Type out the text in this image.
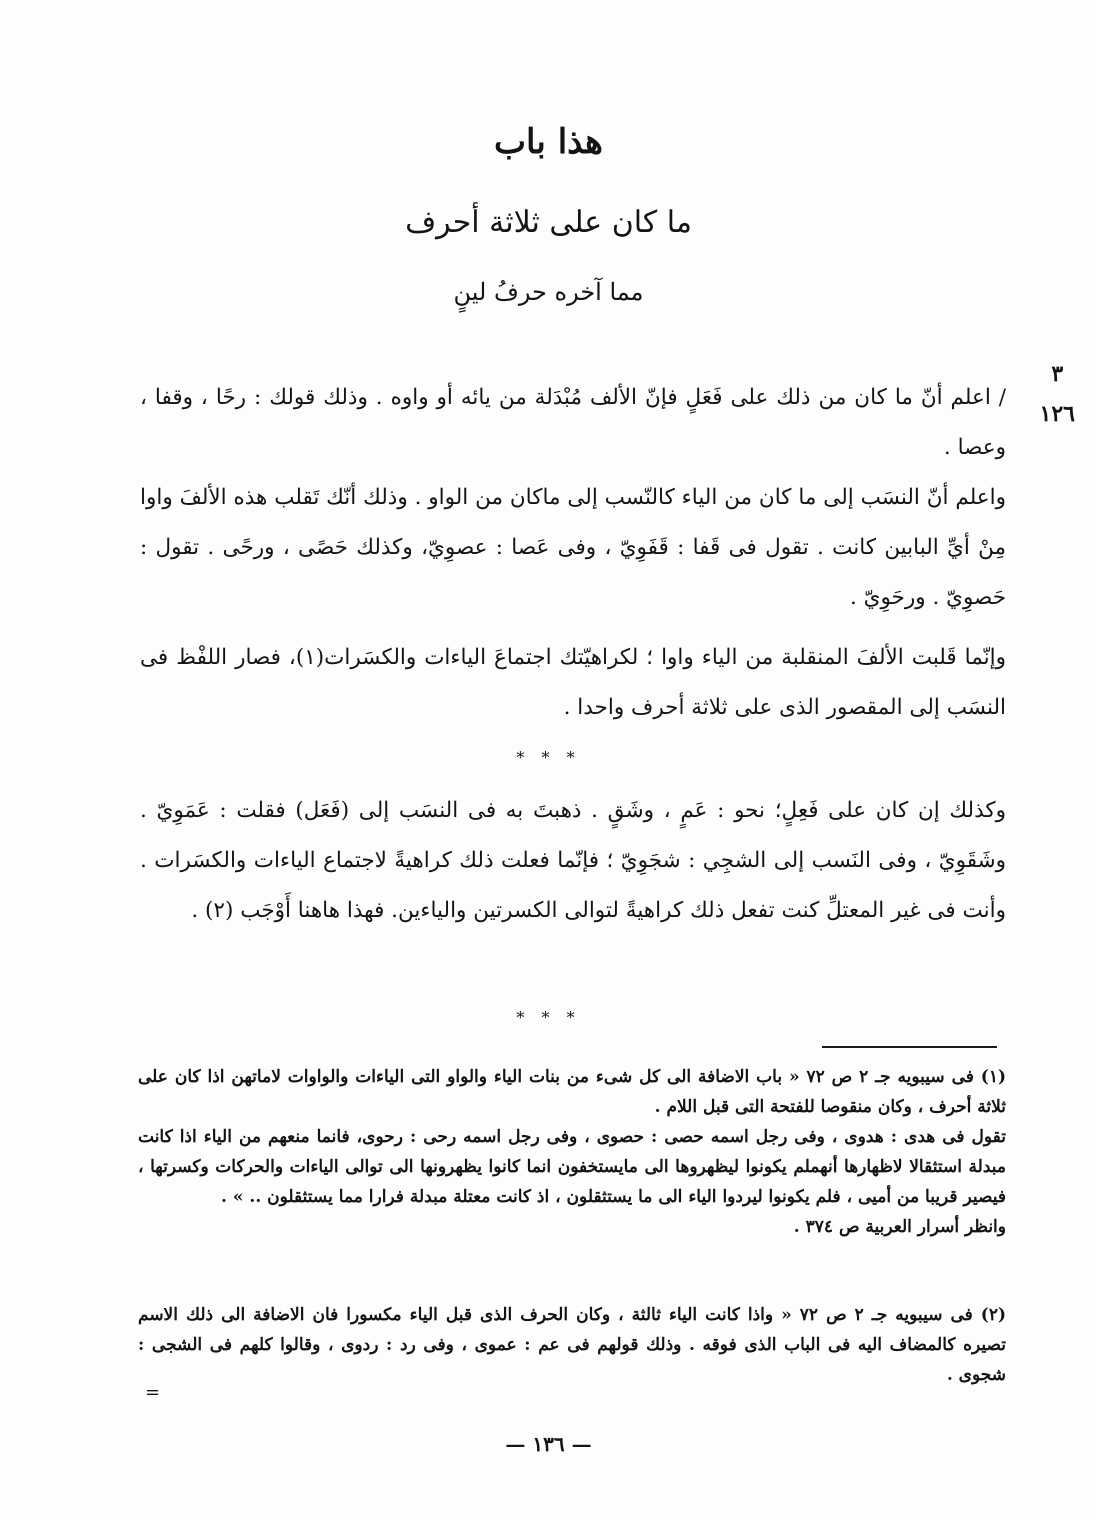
هذا باب
ما كان على ثلاثة أحرف
مما آخره حرفُ لينٍ
٣
١٢٦

/ اعلم أنّ ما كان من ذلك على فَعَلٍ فإنّ الألف مُبْدَلة من يائه أو واوه . وذلك قولك : رحًا ، وقفا ، وعصا .

واعلم أنّ النسَب إلى ما كان من الياء كالنّسب إلى ماكان من الواو . وذلك أنّك تَقلب هذه الألفَ واوا مِنْ أيِّ البابين كانت . تقول فى قَفا : قَفَوِيّ ، وفى عَصا : عصوِيّ، وكذلك حَصًى ، ورحًى . تقول : حَصوِيّ . ورحَوِيّ .

وإنّما قَلبت الألفَ المنقلبة من الياء واوا ؛ لكراهيّتك اجتماعَ الياءات والكسَرات(١)، فصار اللفْظ فى النسَب إلى المقصور الذى على ثلاثة أحرف واحدا .

* * *

وكذلك إن كان على فَعِلٍ؛ نحو : عَمٍ ، وشَقٍ . ذهبتَ به فى النسَب إلى (فَعَل) فقلت : عَمَوِيّ . وشَقَوِيّ ، وفى النَسب إلى الشجِي : شجَوِيّ ؛ فإنّما فعلت ذلك كراهيةً لاجتماع الياءات والكسَرات . وأنت فى غير المعتلِّ كنت تفعل ذلك كراهيةً لتوالى الكسرتين والياءين. فهذا هاهنا أَوْجَب (٢) .

* * *
(١) فى سيبويه جـ ٢ ص ٧٢ « باب الاضافة الى كل شىء من بنات الياء والواو التى الياءات والواوات لاماتهن اذا كان على ثلاثة أحرف ، وكان منقوصا للفتحة التى قبل اللام .
تقول فى هدى : هدوى ، وفى رجل اسمه حصى : حصوى ، وفى رجل اسمه رحى : رحوى، فانما منعهم من الياء اذا كانت مبدلة استثقالا لاظهارها أنهملم يكونوا ليظهروها الى مايستخفون انما كانوا يظهرونها الى توالى الياءات والحركات وكسرتها ، فيصير قريبا من أميى ، فلم يكونوا ليردوا الياء الى ما يستثقلون ، اذ كانت معتلة مبدلة فرارا مما يستثقلون .. » .
وانظر أسرار العربية ص ٣٧٤ .
(٢) فى سيبويه جـ ٢ ص ٧٢ « واذا كانت الياء ثالثة ، وكان الحرف الذى قبل الياء مكسورا فان الاضافة الى ذلك الاسم تصيره كالمضاف اليه فى الباب الذى فوقه . وذلك قولهم فى عم : عموى ، وفى رد : ردوى ، وقالوا كلهم فى الشجى : شجوى .
=
— ١٣٦ —
